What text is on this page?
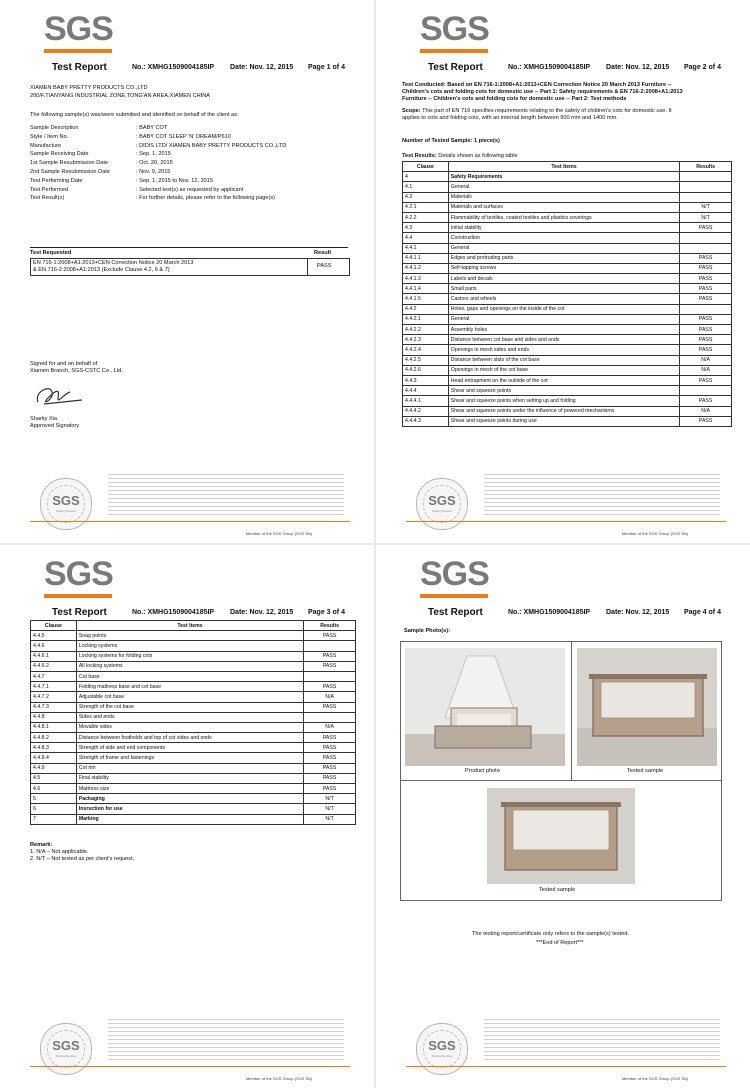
SGS
Test Report	No.: XMHG1509004185IP Date: Nov. 12, 2015 Page 1 of 4
XIAMEN BABY PRETTY PRODUCTS CO.,LTD
200/F,TIANYANG INDUSTRIAL ZONE,TONG'AN AREA,XIAMEN CHINA
The following sample(s) was/were submitted and identified on behalf of the client as:
Sample Description	: BABY COT
Style / Item No.	: BABY COT SLEEP 'N' DREAM/P610
Manufacture	: DIDIS LTD/ XIAMEN BABY PRETTY PRODUCTS CO.,LTD
Sample Receiving Date	: Sep. 1, 2015
1st Sample Resubmission Date	: Oct. 20, 2015
2nd Sample Resubmission Date	: Nov. 9, 2015
Test Performing Date	: Sep. 1, 2015 to Nov. 12, 2015
Test Performed	: Selected test(s) as requested by applicant
Test Result(s)	: For further details, please refer to the following page(s)
Test Requested	Result
EN 716-1:2008+A1:2013+CEN Correction Notice 20 March 2013
& EN 716-2:2008+A1:2013 (Exclude Clause 4.2, 6 & 7)
PASS
Signed for and on behalf of
Xiamen Branch, SGS-CSTC Co., Ltd.
Sharky Xia
Approved Signatory
SGS
Testing Service
Member of the SGS Group (SGS SA)
SGS
Test Report	No.: XMHG1509004185IP Date: Nov. 12, 2015 Page 2 of 4
Test Conducted: Based on EN 716-1:2008+A1:2013+CEN Correction Notice 20 March 2013 Furniture --
Children's cots and folding cots for domestic use -- Part 1: Safety requirements & EN 716-2:2008+A1:2013
Furniture -- Children's cots and folding cots for domestic use -- Part 2: Test methods
Scope: This part of EN 716 specifies requirements relating to the safety of children's cots for domestic use. It
applies to cots and folding cots, with an internal length between 900 mm and 1400 mm.
Number of Tested Sample: 1 piece(s)
Test Results: Details shown as following table
Clause	Test Items	Results
4	Safety Requirements	
4.1	General	
4.2	Materials	
4.2.1	Materials and surfaces	N/T
4.2.2	Flammability of textiles, coated textiles and plastics coverings	N/T
4.3	Initial stability	PASS
4.4	Construction	
4.4.1	General	
4.4.1.1	Edges and protruding parts	PASS
4.4.1.2	Self-tapping screws	PASS
4.4.1.3	Labels and decals	PASS
4.4.1.4	Small parts	PASS
4.4.1.5	Castors and wheels	PASS
4.4.2	Holes, gaps and openings on the inside of the cot	
4.4.2.1	General	PASS
4.4.2.2	Assembly holes	PASS
4.4.2.3	Distance between cot base and sides and ends	PASS
4.4.2.4	Openings in mesh sides and ends	PASS
4.4.2.5	Distance between slats of the cot base	N/A
4.4.2.6	Openings in mesh of the cot base	N/A
4.4.3	Head entrapment on the outside of the cot	PASS
4.4.4	Shear and squeeze points	
4.4.4.1	Shear and squeeze points when setting up and folding	PASS
4.4.4.2	Shear and squeeze points under the influence of powered mechanisms	N/A
4.4.4.3	Shear and squeeze points during use	PASS
SGS
Testing Service
Member of the SGS Group (SGS SA)
SGS
Test Report	No.: XMHG1509004185IP Date: Nov. 12, 2015 Page 3 of 4
Clause	Test Items	Results
4.4.5	Snag points	PASS
4.4.6	Locking systems	
4.4.6.1	Locking systems for folding cots	PASS
4.4.6.2	All locking systems	PASS
4.4.7	Cot base	
4.4.7.1	Folding mattress base and cot base	PASS
4.4.7.2	Adjustable cot base	N/A
4.4.7.3	Strength of the cot base	PASS
4.4.8	Sides and ends	
4.4.8.1	Movable sides	N/A
4.4.8.2	Distance between footholds and top of cot sides and ends	PASS
4.4.8.3	Strength of side and end components	PASS
4.4.8.4	Strength of frame and fastenings	PASS
4.4.9	Cot rim	PASS
4.5	Final stability	PASS
4.6	Mattress size	PASS
5	Packaging	N/T
6	Insruction for use	N/T
7	Marking	N/T
Remark:
1. N/A – Not applicable.
2. N/T – Not tested as per client's request.
SGS
Testing Service
Member of the SGS Group (SGS SA)
SGS
Test Report	No.: XMHG1509004185IP Date: Nov. 12, 2015 Page 4 of 4
Sample Photo(s):
Product photo	Tested sample
Tested sample
The testing report/certificate only refers to the sample(s) tested.
***End of Report***
SGS
Testing Service
Member of the SGS Group (SGS SA)
